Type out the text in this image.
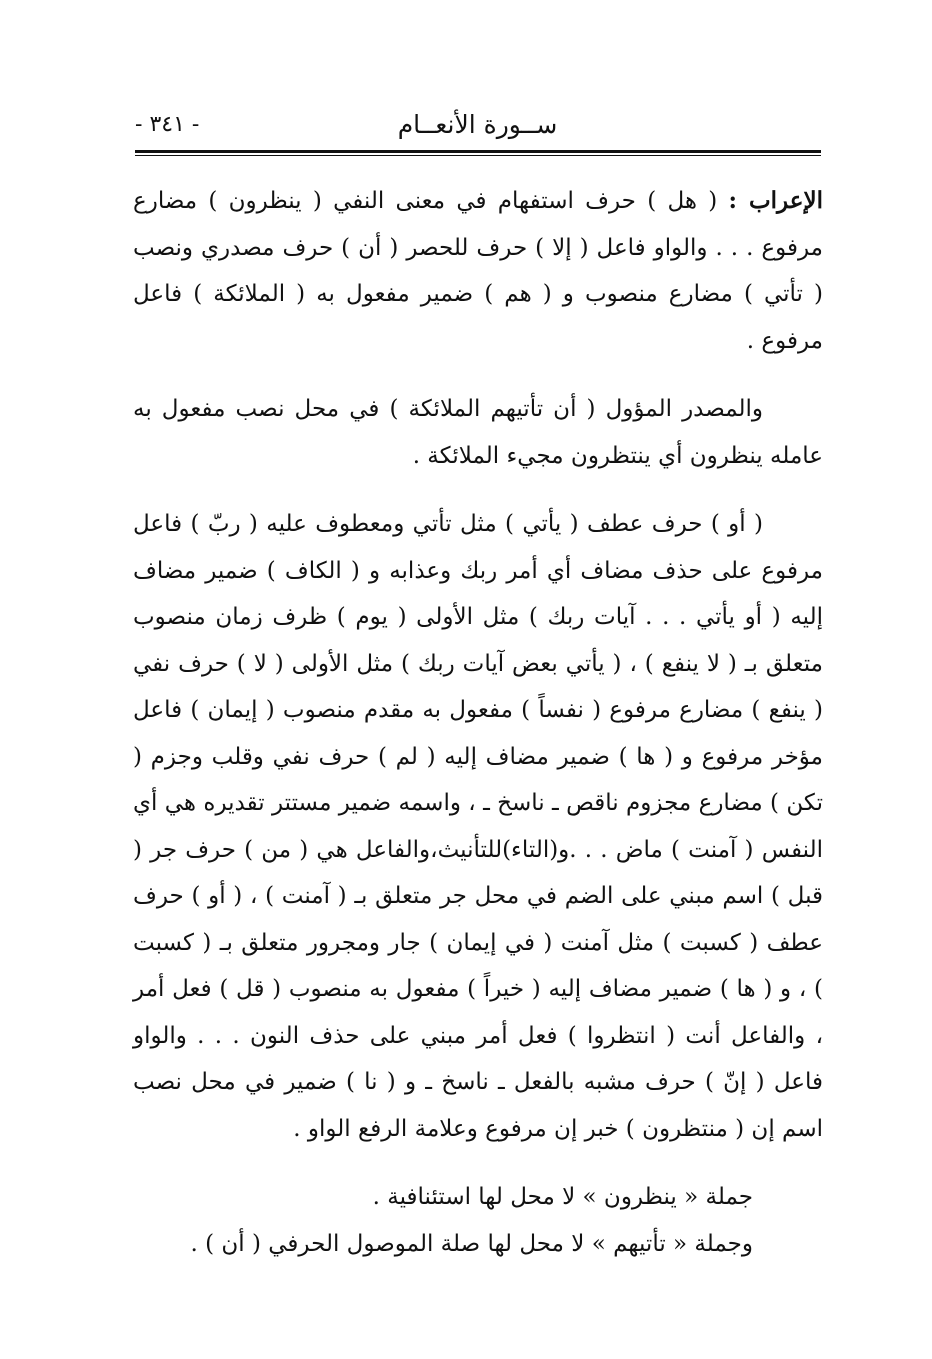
- ٣٤١ -	ســورة الأنعــام

الإعراب : ( هل ) حرف استفهام في معنى النفي ( ينظرون ) مضارع مرفوع . . . والواو فاعل ( إلا ) حرف للحصر ( أن ) حرف مصدري ونصب ( تأتي ) مضارع منصوب و ( هم ) ضمير مفعول به ( الملائكة ) فاعل مرفوع .

والمصدر المؤول ( أن تأتيهم الملائكة ) في محل نصب مفعول به عامله ينظرون أي ينتظرون مجيء الملائكة .

( أو ) حرف عطف ( يأتي ) مثل تأتي ومعطوف عليه ( ربّ ) فاعل مرفوع على حذف مضاف أي أمر ربك وعذابه و ( الكاف ) ضمير مضاف إليه ( أو يأتي . . . آيات ربك ) مثل الأولى ( يوم ) ظرف زمان منصوب متعلق بـ ( لا ينفع ) ، ( يأتي بعض آيات ربك ) مثل الأولى ( لا ) حرف نفي ( ينفع ) مضارع مرفوع ( نفساً ) مفعول به مقدم منصوب ( إيمان ) فاعل مؤخر مرفوع و ( ها ) ضمير مضاف إليه ( لم ) حرف نفي وقلب وجزم ( تكن ) مضارع مجزوم ناقص ـ ناسخ ـ ، واسمه ضمير مستتر تقديره هي أي النفس ( آمنت ) ماض . . .و(التاء)للتأنيث،والفاعل هي ( من ) حرف جر ( قبل ) اسم مبني على الضم في محل جر متعلق بـ ( آمنت ) ، ( أو ) حرف عطف ( كسبت ) مثل آمنت ( في إيمان ) جار ومجرور متعلق بـ ( كسبت ) ، و ( ها ) ضمير مضاف إليه ( خيراً ) مفعول به منصوب ( قل ) فعل أمر ، والفاعل أنت ( انتظروا ) فعل أمر مبني على حذف النون . . . والواو فاعل ( إنّ ) حرف مشبه بالفعل ـ ناسخ ـ و ( نا ) ضمير في محل نصب اسم إن ( منتظرون ) خبر إن مرفوع وعلامة الرفع الواو .

جملة « ينظرون » لا محل لها استئنافية .

وجملة « تأتيهم » لا محل لها صلة الموصول الحرفي ( أن ) .
